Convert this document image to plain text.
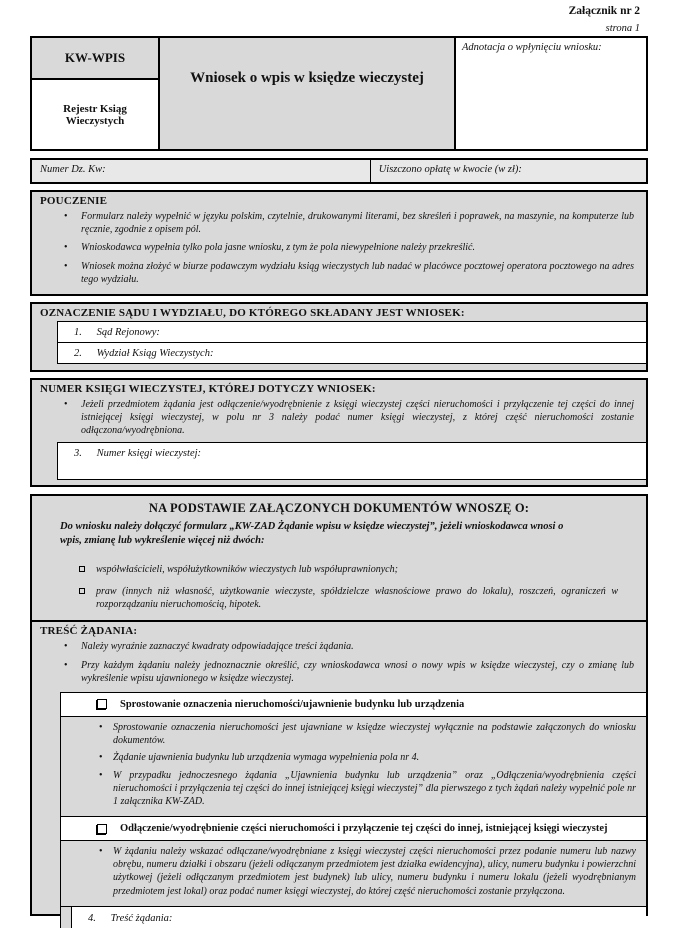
Załącznik nr 2
strona 1
KW-WPIS
Rejestr Ksiąg Wieczystych
Wniosek o wpis w księdze wieczystej
Adnotacja o wpłynięciu wniosku:
Numer Dz. Kw:	Uiszczono opłatę w kwocie (w zł):
POUCZENIE
•	Formularz należy wypełnić w języku polskim, czytelnie, drukowanymi literami, bez skreśleń i poprawek, na maszynie, na komputerze lub ręcznie, zgodnie z opisem pól.
•	Wnioskodawca wypełnia tylko pola jasne wniosku, z tym że pola niewypełnione należy przekreślić.
•	Wniosek można złożyć w biurze podawczym wydziału ksiąg wieczystych lub nadać w placówce pocztowej operatora pocztowego na adres tego wydziału.
OZNACZENIE SĄDU I WYDZIAŁU, DO KTÓREGO SKŁADANY JEST WNIOSEK:
1. Sąd Rejonowy:
2. Wydział Ksiąg Wieczystych:
NUMER KSIĘGI WIECZYSTEJ, KTÓREJ DOTYCZY WNIOSEK:
•	Jeżeli przedmiotem żądania jest odłączenie/wyodrębnienie z księgi wieczystej części nieruchomości i przyłączenie tej części do innej istniejącej księgi wieczystej, w polu nr 3 należy podać numer księgi wieczystej, z której część nieruchomości zostanie odłączona/wyodrębniona.
3. Numer księgi wieczystej:
NA PODSTAWIE ZAŁĄCZONYCH DOKUMENTÓW WNOSZĘ O:
Do wniosku należy dołączyć formularz „KW-ZAD Żądanie wpisu w księdze wieczystej”, jeżeli wnioskodawca wnosi o wpis, zmianę lub wykreślenie więcej niż dwóch:
współwłaścicieli, współużytkowników wieczystych lub współuprawnionych;
praw (innych niż własność, użytkowanie wieczyste, spółdzielcze własnościowe prawo do lokalu), roszczeń, ograniczeń w rozporządzaniu nieruchomością, hipotek.
TREŚĆ ŻĄDANIA:
•	Należy wyraźnie zaznaczyć kwadraty odpowiadające treści żądania.
•	Przy każdym żądaniu należy jednoznacznie określić, czy wnioskodawca wnosi o nowy wpis w księdze wieczystej, czy o zmianę lub wykreślenie wpisu ujawnionego w księdze wieczystej.
Sprostowanie oznaczenia nieruchomości/ujawnienie budynku lub urządzenia
•	Sprostowanie oznaczenia nieruchomości jest ujawniane w księdze wieczystej wyłącznie na podstawie załączonych do wniosku dokumentów.
•	Żądanie ujawnienia budynku lub urządzenia wymaga wypełnienia pola nr 4.
•	W przypadku jednoczesnego żądania „Ujawnienia budynku lub urządzenia” oraz „Odłączenia/wyodrębnienia części nieruchomości i przyłączenia tej części do innej istniejącej księgi wieczystej” dla pierwszego z tych żądań należy wypełnić pole nr 1 załącznika KW-ZAD.
Odłączenie/wyodrębnienie części nieruchomości i przyłączenie tej części do innej, istniejącej księgi wieczystej
•	W żądaniu należy wskazać odłączane/wyodrębniane z księgi wieczystej części nieruchomości przez podanie numeru lub nazwy obrębu, numeru działki i obszaru (jeżeli odłączanym przedmiotem jest działka ewidencyjna), ulicy, numeru budynku i powierzchni użytkowej (jeżeli odłączanym przedmiotem jest budynek) lub ulicy, numeru budynku i numeru lokalu (jeżeli wyodrębnianym przedmiotem jest lokal) oraz podać numer księgi wieczystej, do której część nieruchomości zostanie przyłączona.
4. Treść żądania:
